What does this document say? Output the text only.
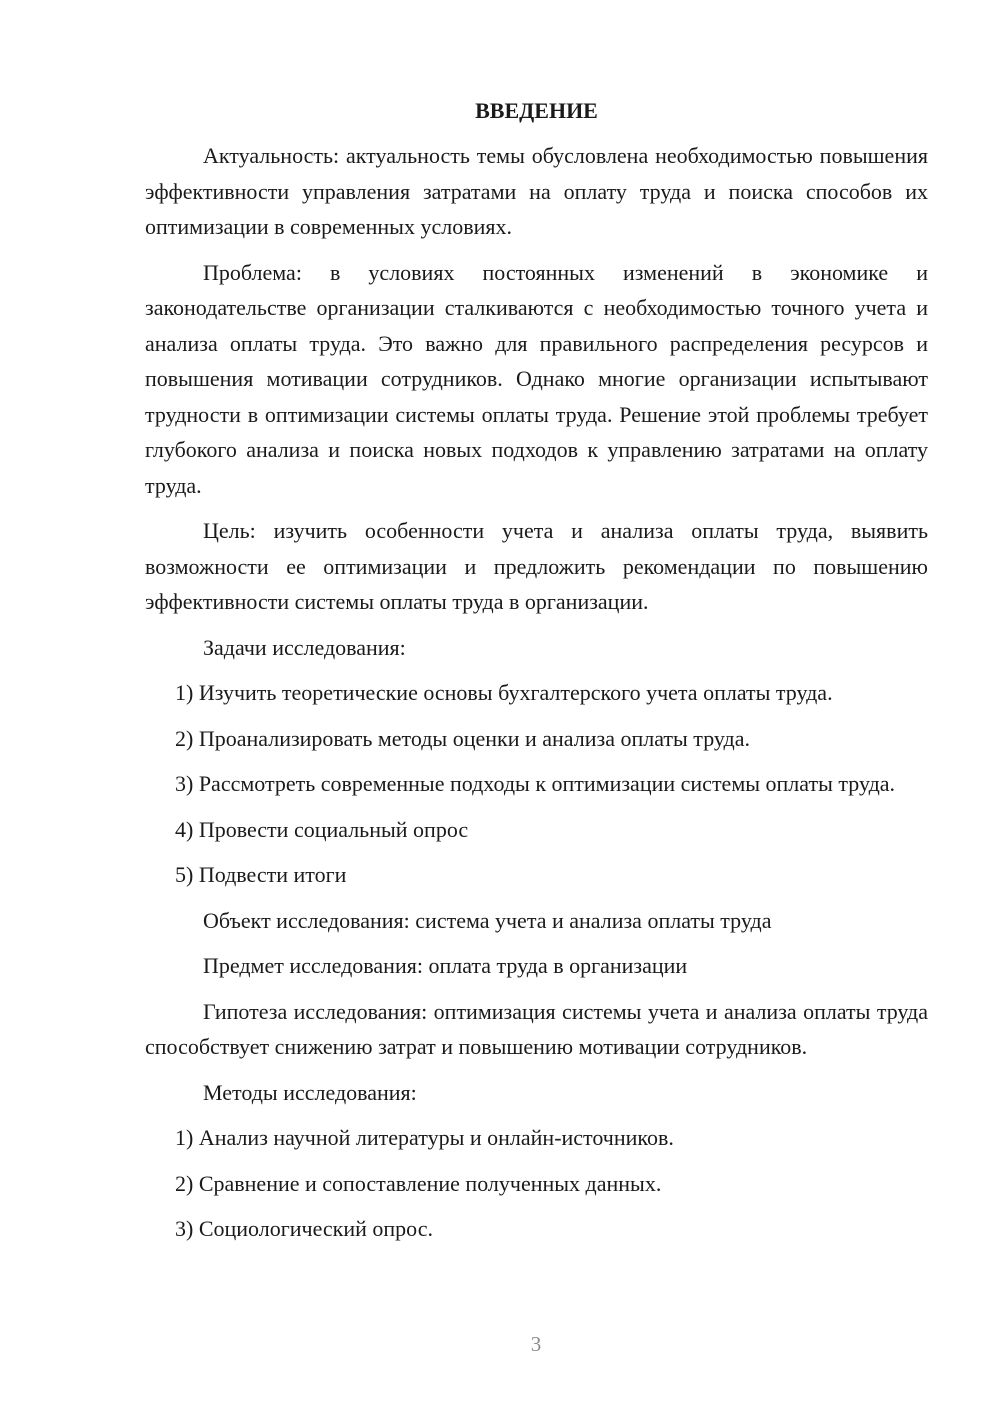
ВВЕДЕНИЕ

Актуальность: актуальность темы обусловлена необходимостью повышения эффективности управления затратами на оплату труда и поиска способов их оптимизации в современных условиях.

Проблема: в условиях постоянных изменений в экономике и законодательстве организации сталкиваются с необходимостью точного учета и анализа оплаты труда. Это важно для правильного распределения ресурсов и повышения мотивации сотрудников. Однако многие организации испытывают трудности в оптимизации системы оплаты труда. Решение этой проблемы требует глубокого анализа и поиска новых подходов к управлению затратами на оплату труда.

Цель: изучить особенности учета и анализа оплаты труда, выявить возможности ее оптимизации и предложить рекомендации по повышению эффективности системы оплаты труда в организации.

Задачи исследования:

1) Изучить теоретические основы бухгалтерского учета оплаты труда.

2) Проанализировать методы оценки и анализа оплаты труда.

3) Рассмотреть современные подходы к оптимизации системы оплаты труда.

4) Провести социальный опрос

5) Подвести итоги

Объект исследования: система учета и анализа оплаты труда

Предмет исследования: оплата труда в организации

Гипотеза исследования: оптимизация системы учета и анализа оплаты труда способствует снижению затрат и повышению мотивации сотрудников.

Методы исследования:

1) Анализ научной литературы и онлайн-источников.

2) Сравнение и сопоставление полученных данных.

3) Социологический опрос.

3
